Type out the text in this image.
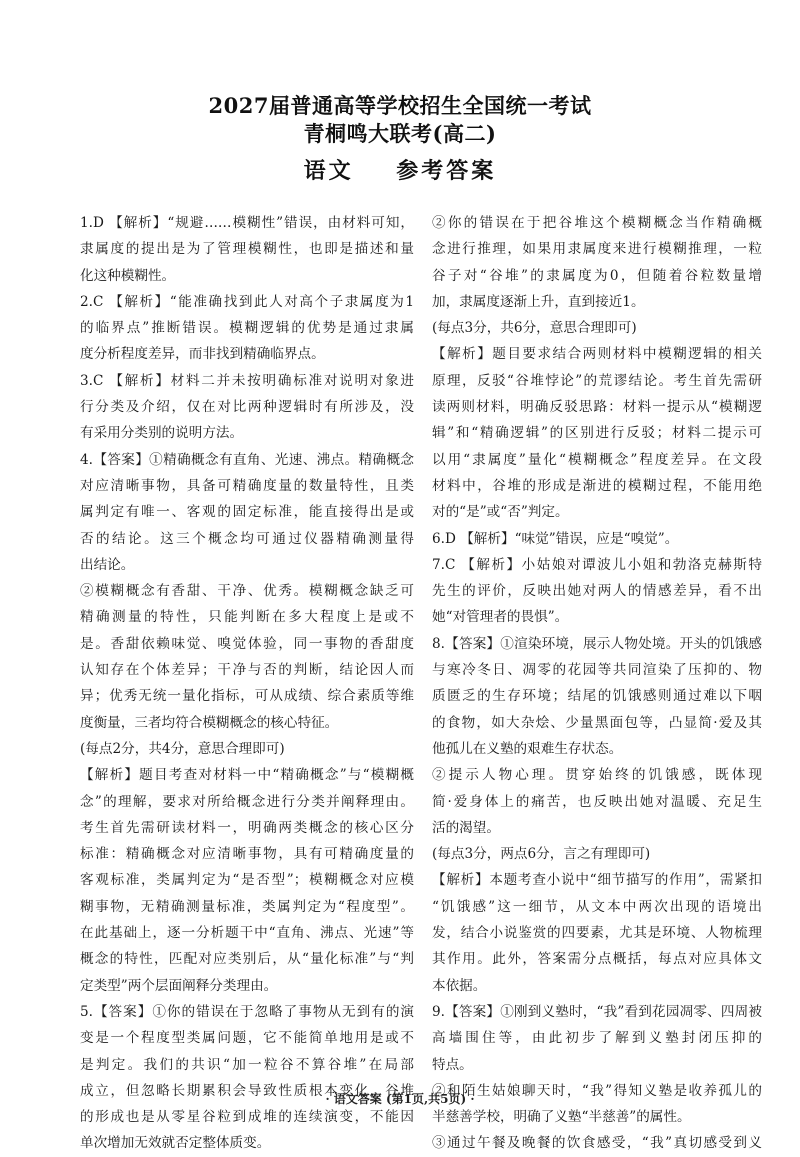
2027届普通高等学校招生全国统一考试
青桐鸣大联考(高二)
语文    参考答案
1.D 【解析】“规避……模糊性”错误，由材料可知，
隶属度的提出是为了管理模糊性，也即是描述和量
化这种模糊性。
2.C 【解析】“能准确找到此人对高个子隶属度为1
的临界点”推断错误。模糊逻辑的优势是通过隶属
度分析程度差异，而非找到精确临界点。
3.C 【解析】材料二并未按明确标准对说明对象进
行分类及介绍，仅在对比两种逻辑时有所涉及，没
有采用分类别的说明方法。
4.【答案】①精确概念有直角、光速、沸点。精确概念
对应清晰事物，具备可精确度量的数量特性，且类
属判定有唯一、客观的固定标准，能直接得出是或
否的结论。这三个概念均可通过仪器精确测量得
出结论。
②模糊概念有香甜、干净、优秀。模糊概念缺乏可
精确测量的特性，只能判断在多大程度上是或不
是。香甜依赖味觉、嗅觉体验，同一事物的香甜度
认知存在个体差异；干净与否的判断，结论因人而
异；优秀无统一量化指标，可从成绩、综合素质等维
度衡量，三者均符合模糊概念的核心特征。
(每点2分，共4分，意思合理即可)
【解析】题目考查对材料一中“精确概念”与“模糊概
念”的理解，要求对所给概念进行分类并阐释理由。
考生首先需研读材料一，明确两类概念的核心区分
标准：精确概念对应清晰事物，具有可精确度量的
客观标准，类属判定为“是否型”；模糊概念对应模
糊事物，无精确测量标准，类属判定为“程度型”。
在此基础上，逐一分析题干中“直角、沸点、光速”等
概念的特性，匹配对应类别后，从“量化标准”与“判
定类型”两个层面阐释分类理由。
5.【答案】①你的错误在于忽略了事物从无到有的演
变是一个程度型类属问题，它不能简单地用是或不
是判定。我们的共识“加一粒谷不算谷堆”在局部
成立，但忽略长期累积会导致性质根本变化，谷堆
的形成也是从零星谷粒到成堆的连续演变，不能因
单次增加无效就否定整体质变。
②你的错误在于把谷堆这个模糊概念当作精确概
念进行推理，如果用隶属度来进行模糊推理，一粒
谷子对“谷堆”的隶属度为0，但随着谷粒数量增
加，隶属度逐渐上升，直到接近1。
(每点3分，共6分，意思合理即可)
【解析】题目要求结合两则材料中模糊逻辑的相关
原理，反驳“谷堆悖论”的荒谬结论。考生首先需研
读两则材料，明确反驳思路：材料一提示从“模糊逻
辑”和“精确逻辑”的区别进行反驳；材料二提示可
以用“隶属度”量化“模糊概念”程度差异。在文段
材料中，谷堆的形成是渐进的模糊过程，不能用绝
对的“是”或“否”判定。
6.D 【解析】“味觉”错误，应是“嗅觉”。
7.C 【解析】小姑娘对谭波儿小姐和勃洛克赫斯特
先生的评价，反映出她对两人的情感差异，看不出
她“对管理者的畏惧”。
8.【答案】①渲染环境，展示人物处境。开头的饥饿感
与寒冷冬日、凋零的花园等共同渲染了压抑的、物
质匮乏的生存环境；结尾的饥饿感则通过难以下咽
的食物，如大杂烩、少量黑面包等，凸显简·爱及其
他孤儿在义塾的艰难生存状态。
②提示人物心理。贯穿始终的饥饿感，既体现
简·爱身体上的痛苦，也反映出她对温暖、充足生
活的渴望。
(每点3分，两点6分，言之有理即可)
【解析】本题考查小说中“细节描写的作用”，需紧扣
“饥饿感”这一细节，从文本中两次出现的语境出
发，结合小说鉴赏的四要素，尤其是环境、人物梳理
其作用。此外，答案需分点概括，每点对应具体文
本依据。
9.【答案】①刚到义塾时，“我”看到花园凋零、四周被
高墙围住等，由此初步了解到义塾封闭压抑的
特点。
②和陌生姑娘聊天时，“我”得知义塾是收养孤儿的
半慈善学校，明确了义塾“半慈善”的属性。
③通过午餐及晚餐的饮食感受，“我”真切感受到义
· 语文答案 (第1页,共5页) ·
